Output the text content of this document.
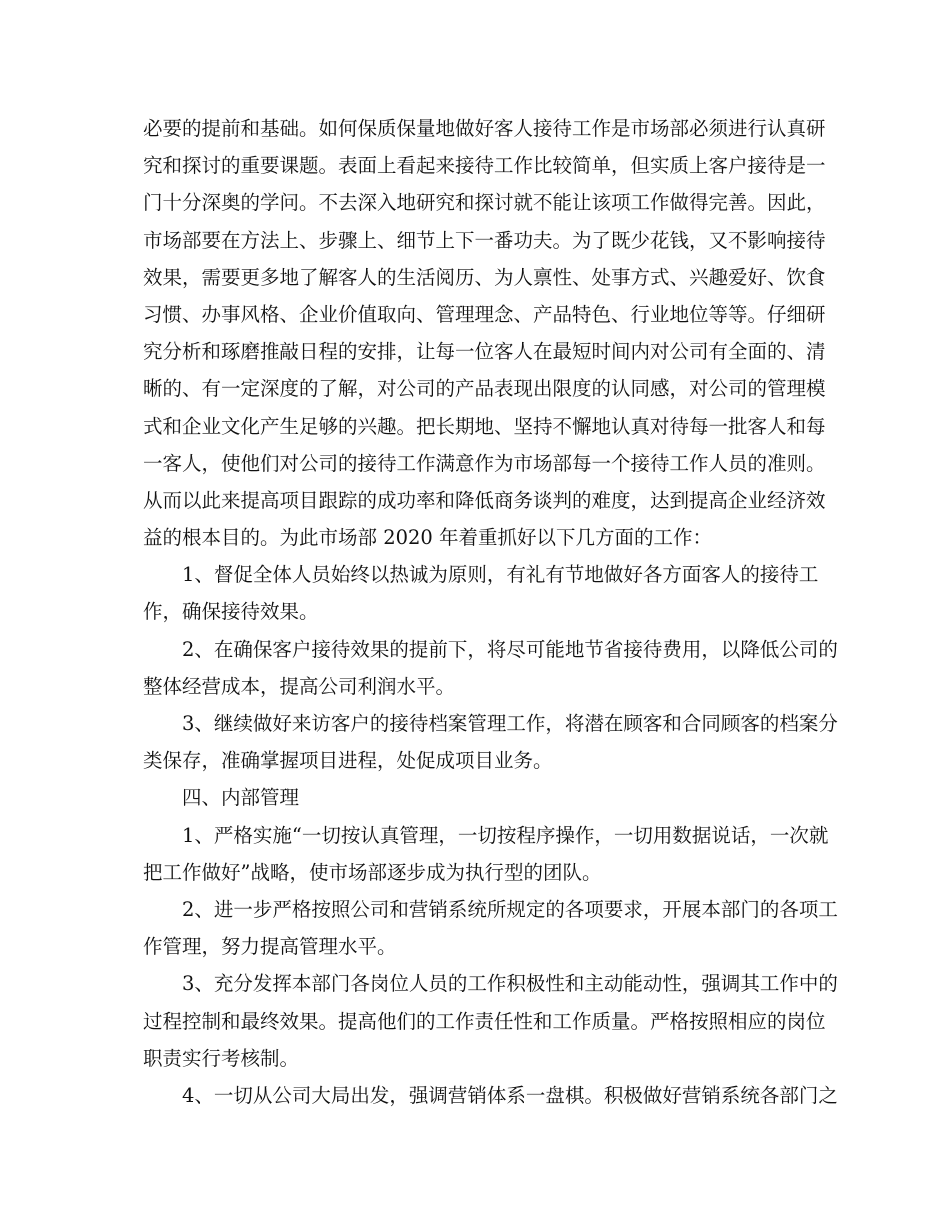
必要的提前和基础。如何保质保量地做好客人接待工作是市场部必须进行认真研
究和探讨的重要课题。表面上看起来接待工作比较简单，但实质上客户接待是一
门十分深奥的学问。不去深入地研究和探讨就不能让该项工作做得完善。因此，
市场部要在方法上、步骤上、细节上下一番功夫。为了既少花钱，又不影响接待
效果，需要更多地了解客人的生活阅历、为人禀性、处事方式、兴趣爱好、饮食
习惯、办事风格、企业价值取向、管理理念、产品特色、行业地位等等。仔细研
究分析和琢磨推敲日程的安排，让每一位客人在最短时间内对公司有全面的、清
晰的、有一定深度的了解，对公司的产品表现出限度的认同感，对公司的管理模
式和企业文化产生足够的兴趣。把长期地、坚持不懈地认真对待每一批客人和每
一客人，使他们对公司的接待工作满意作为市场部每一个接待工作人员的准则。
从而以此来提高项目跟踪的成功率和降低商务谈判的难度，达到提高企业经济效
益的根本目的。为此市场部 2020 年着重抓好以下几方面的工作：
1、督促全体人员始终以热诚为原则，有礼有节地做好各方面客人的接待工
作，确保接待效果。
2、在确保客户接待效果的提前下，将尽可能地节省接待费用，以降低公司的
整体经营成本，提高公司利润水平。
3、继续做好来访客户的接待档案管理工作，将潜在顾客和合同顾客的档案分
类保存，准确掌握项目进程，处促成项目业务。
四、内部管理
1、严格实施“一切按认真管理，一切按程序操作，一切用数据说话，一次就
把工作做好”战略，使市场部逐步成为执行型的团队。
2、进一步严格按照公司和营销系统所规定的各项要求，开展本部门的各项工
作管理，努力提高管理水平。
3、充分发挥本部门各岗位人员的工作积极性和主动能动性，强调其工作中的
过程控制和最终效果。提高他们的工作责任性和工作质量。严格按照相应的岗位
职责实行考核制。
4、一切从公司大局出发，强调营销体系一盘棋。积极做好营销系统各部门之
